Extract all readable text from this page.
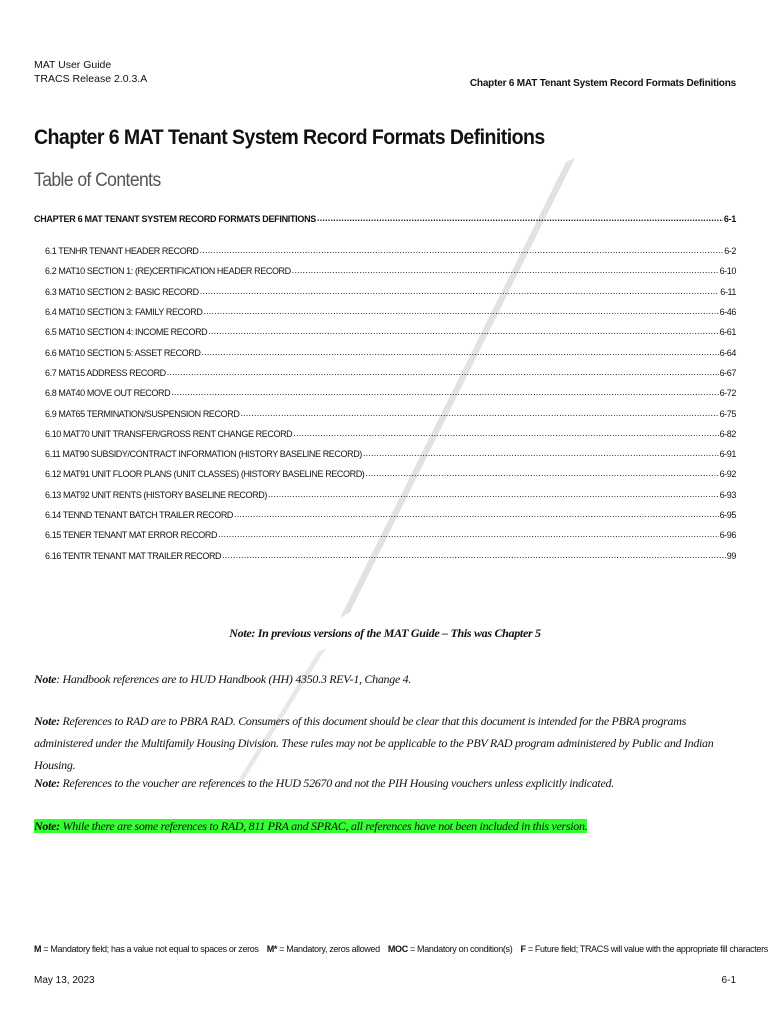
MAT User Guide
TRACS Release 2.0.3.A	Chapter 6 MAT Tenant System Record Formats Definitions
Chapter 6 MAT Tenant System Record Formats Definitions
Table of Contents
CHAPTER 6 MAT TENANT SYSTEM RECORD FORMATS DEFINITIONS .....	6-1
6.1 TENHR TENANT HEADER RECORD .....	6-2
6.2 MAT10 SECTION 1: (RE)CERTIFICATION HEADER RECORD .....	6-10
6.3 MAT10 SECTION 2: BASIC RECORD .....	6-11
6.4 MAT10 SECTION 3: FAMILY RECORD .....	6-46
6.5 MAT10 SECTION 4: INCOME RECORD .....	6-61
6.6 MAT10 SECTION 5: ASSET RECORD .....	6-64
6.7 MAT15 ADDRESS RECORD .....	6-67
6.8 MAT40 MOVE OUT RECORD .....	6-72
6.9 MAT65 TERMINATION/SUSPENSION RECORD .....	6-75
6.10 MAT70 UNIT TRANSFER/GROSS RENT CHANGE RECORD .....	6-82
6.11 MAT90 SUBSIDY/CONTRACT INFORMATION (HISTORY BASELINE RECORD) .....	6-91
6.12 MAT91 UNIT FLOOR PLANS (UNIT CLASSES) (HISTORY BASELINE RECORD) .....	6-92
6.13 MAT92 UNIT RENTS (HISTORY BASELINE RECORD) .....	6-93
6.14 TENND TENANT BATCH TRAILER RECORD .....	6-95
6.15 TENER TENANT MAT ERROR RECORD .....	6-96
6.16 TENTR TENANT MAT TRAILER RECORD .....	99
Note: In previous versions of the MAT Guide – This was Chapter 5
Note: Handbook references are to HUD Handbook (HH) 4350.3 REV-1, Change 4.
Note: References to RAD are to PBRA RAD. Consumers of this document should be clear that this document is intended for the PBRA programs administered under the Multifamily Housing Division. These rules may not be applicable to the PBV RAD program administered by Public and Indian Housing.
Note: References to the voucher are references to the HUD 52670 and not the PIH Housing vouchers unless explicitly indicated.
Note: While there are some references to RAD, 811 PRA and SPRAC, all references have not been included in this version.
M = Mandatory field; has a value not equal to spaces or zeros M* = Mandatory, zeros allowed MOC = Mandatory on condition(s) F = Future field; TRACS will value with the appropriate fill characters
May 13, 2023	6-1
